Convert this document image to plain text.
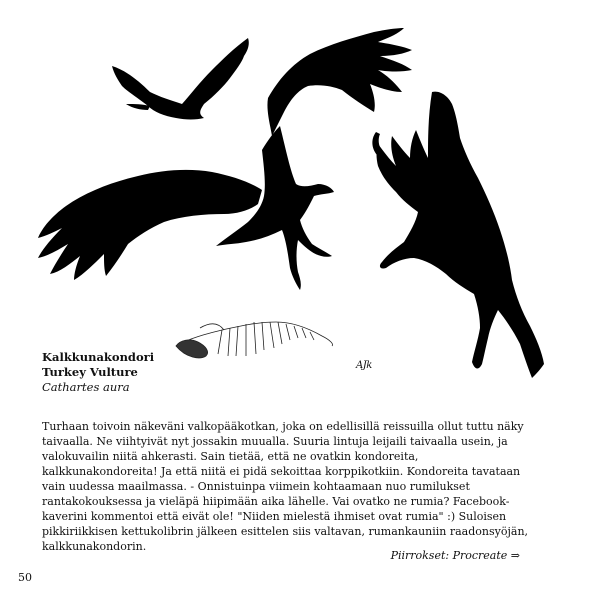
Kalkkunakondori
Turkey Vulture
Cathartes aura
AJk

Turhaan toivoin näkeväni valkopääkotkan, joka on edellisillä reissuilla ollut tuttu näky taivaalla. Ne viihtyivät nyt jossakin muualla. Suuria lintuja leijaili taivaalla usein, ja valokuvailin niitä ahkerasti. Sain tietää, että ne ovatkin kondoreita, kalkkunakondoreita! Ja että niitä ei pidä sekoittaa korppikotkiin. Kondoreita tavataan vain uudessa maailmassa. - Onnistuinpa viimein kohtaamaan nuo rumilukset rantakokouksessa ja vieläpä hiipimään aika lähelle. Vai ovatko ne rumia? Facebook-kaverini kommentoi että eivät ole! "Niiden mielestä ihmiset ovat rumia" :) Suloisen pikkiriikkisen kettukolibrin jälkeen esittelen siis valtavan, rumankauniin raadonsyöjän, kalkkunakondorin.

Piirrokset: Procreate ⇒
50
